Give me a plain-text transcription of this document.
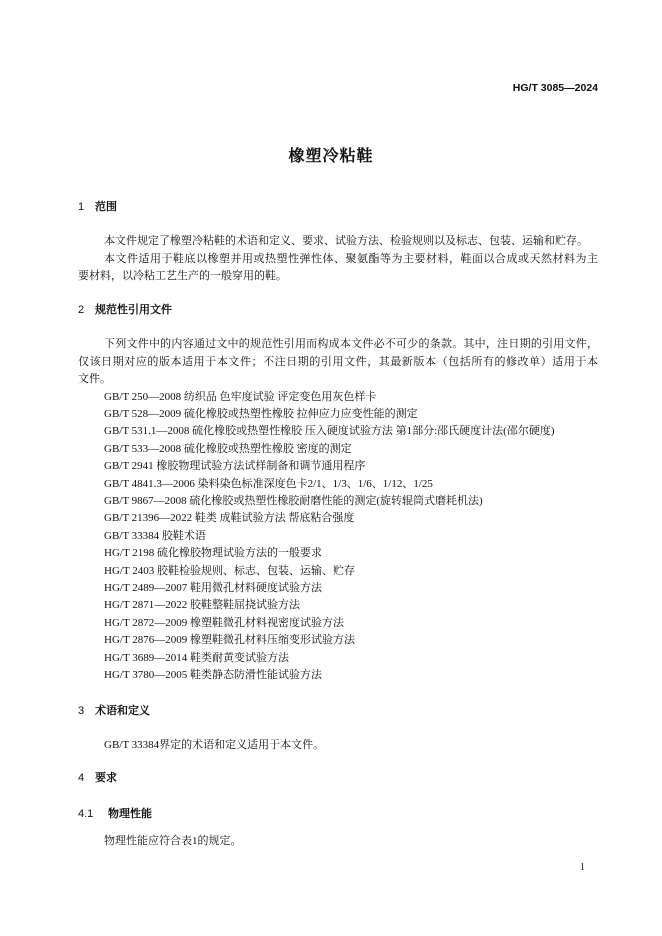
HG/T 3085—2024
橡塑冷粘鞋
1 范围
本文件规定了橡塑冷粘鞋的术语和定义、要求、试验方法、检验规则以及标志、包装、运输和贮存。
本文件适用于鞋底以橡塑并用或热塑性弹性体、聚氨酯等为主要材料，鞋面以合成或天然材料为主
要材料，以冷粘工艺生产的一般穿用的鞋。
2 规范性引用文件
下列文件中的内容通过文中的规范性引用而构成本文件必不可少的条款。其中，注日期的引用文件，
仅该日期对应的版本适用于本文件；不注日期的引用文件，其最新版本（包括所有的修改单）适用于本
文件。
GB/T 250—2008 纺织品 色牢度试验 评定变色用灰色样卡
GB/T 528—2009 硫化橡胶或热塑性橡胶 拉伸应力应变性能的测定
GB/T 531.1—2008 硫化橡胶或热塑性橡胶 压入硬度试验方法 第1部分:邵氏硬度计法(邵尔硬度)
GB/T 533—2008 硫化橡胶或热塑性橡胶 密度的测定
GB/T 2941 橡胶物理试验方法试样制备和调节通用程序
GB/T 4841.3—2006 染料染色标准深度色卡2/1、1/3、1/6、1/12、1/25
GB/T 9867—2008 硫化橡胶或热塑性橡胶耐磨性能的测定(旋转辊筒式磨耗机法)
GB/T 21396—2022 鞋类 成鞋试验方法 帮底粘合强度
GB/T 33384 胶鞋术语
HG/T 2198 硫化橡胶物理试验方法的一般要求
HG/T 2403 胶鞋检验规则、标志、包装、运输、贮存
HG/T 2489—2007 鞋用微孔材料硬度试验方法
HG/T 2871—2022 胶鞋整鞋屈挠试验方法
HG/T 2872—2009 橡塑鞋微孔材料视密度试验方法
HG/T 2876—2009 橡塑鞋微孔材料压缩变形试验方法
HG/T 3689—2014 鞋类耐黄变试验方法
HG/T 3780—2005 鞋类静态防滑性能试验方法
3 术语和定义
GB/T 33384界定的术语和定义适用于本文件。
4 要求
4.1 物理性能
物理性能应符合表1的规定。
1
